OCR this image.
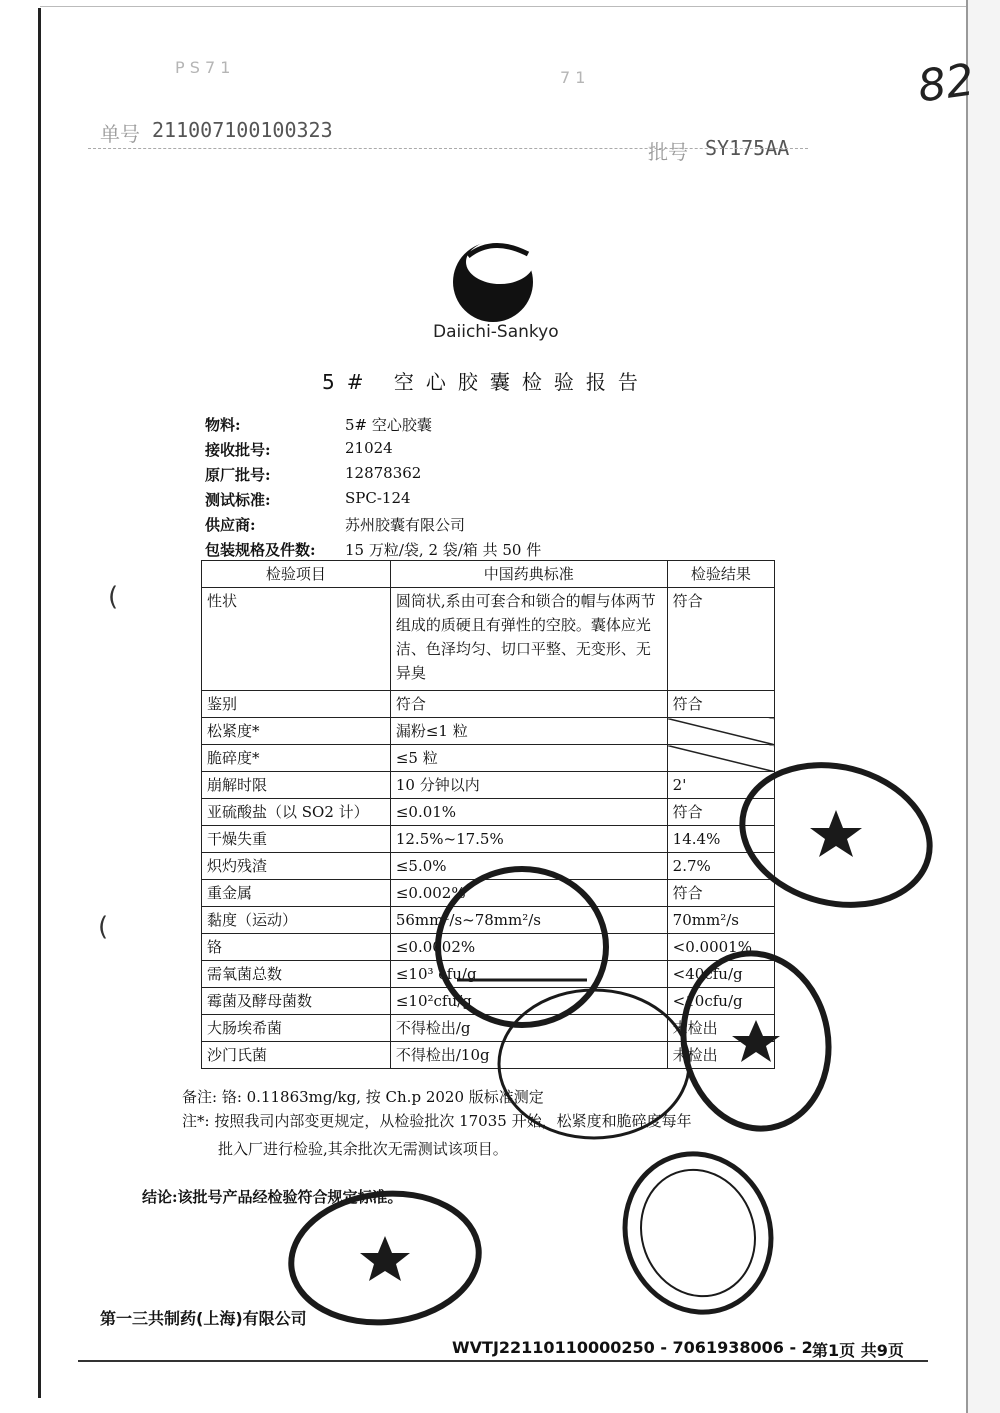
82
P S 7 1
7 1
单号 211007100100323
批号 SY175AA
Daiichi-Sankyo
5# 空心胶囊检验报告
物料:	5# 空心胶囊
接收批号:	21024
原厂批号:	12878362
测试标准:	SPC-124
供应商:	苏州胶囊有限公司
包装规格及件数:	15 万粒/袋, 2 袋/箱 共 50 件
检验项目	中国药典标准	检验结果
性状	圆筒状,系由可套合和锁合的帽与体两节组成的质硬且有弹性的空胶。囊体应光洁、色泽均匀、切口平整、无变形、无异臭	符合
鉴别	符合	符合
松紧度*	漏粉≤1 粒	
脆碎度*	≤5 粒	
崩解时限	10 分钟以内	2'
亚硫酸盐（以 SO2 计）	≤0.01%	符合
干燥失重	12.5%~17.5%	14.4%
炽灼残渣	≤5.0%	2.7%
重金属	≤0.002%	符合
黏度（运动）	56mm²/s~78mm²/s	70mm²/s
铬	≤0.0002%	<0.0001%
需氧菌总数	≤10³ cfu/g	<40cfu/g
霉菌及酵母菌数	≤10²cfu/g	<10cfu/g
大肠埃希菌	不得检出/g	未检出
沙门氏菌	不得检出/10g	未检出
备注: 铬: 0.11863mg/kg, 按 Ch.p 2020 版标准测定
注*: 按照我司内部变更规定，从检验批次 17035 开始，松紧度和脆碎度每年
批入厂进行检验,其余批次无需测试该项目。
结论:该批号产品经检验符合规定标准。
(
(
第一三共制药(上海)有限公司
WVTJ22110110000250 - 7061938006 - 2 第1页 共9页
